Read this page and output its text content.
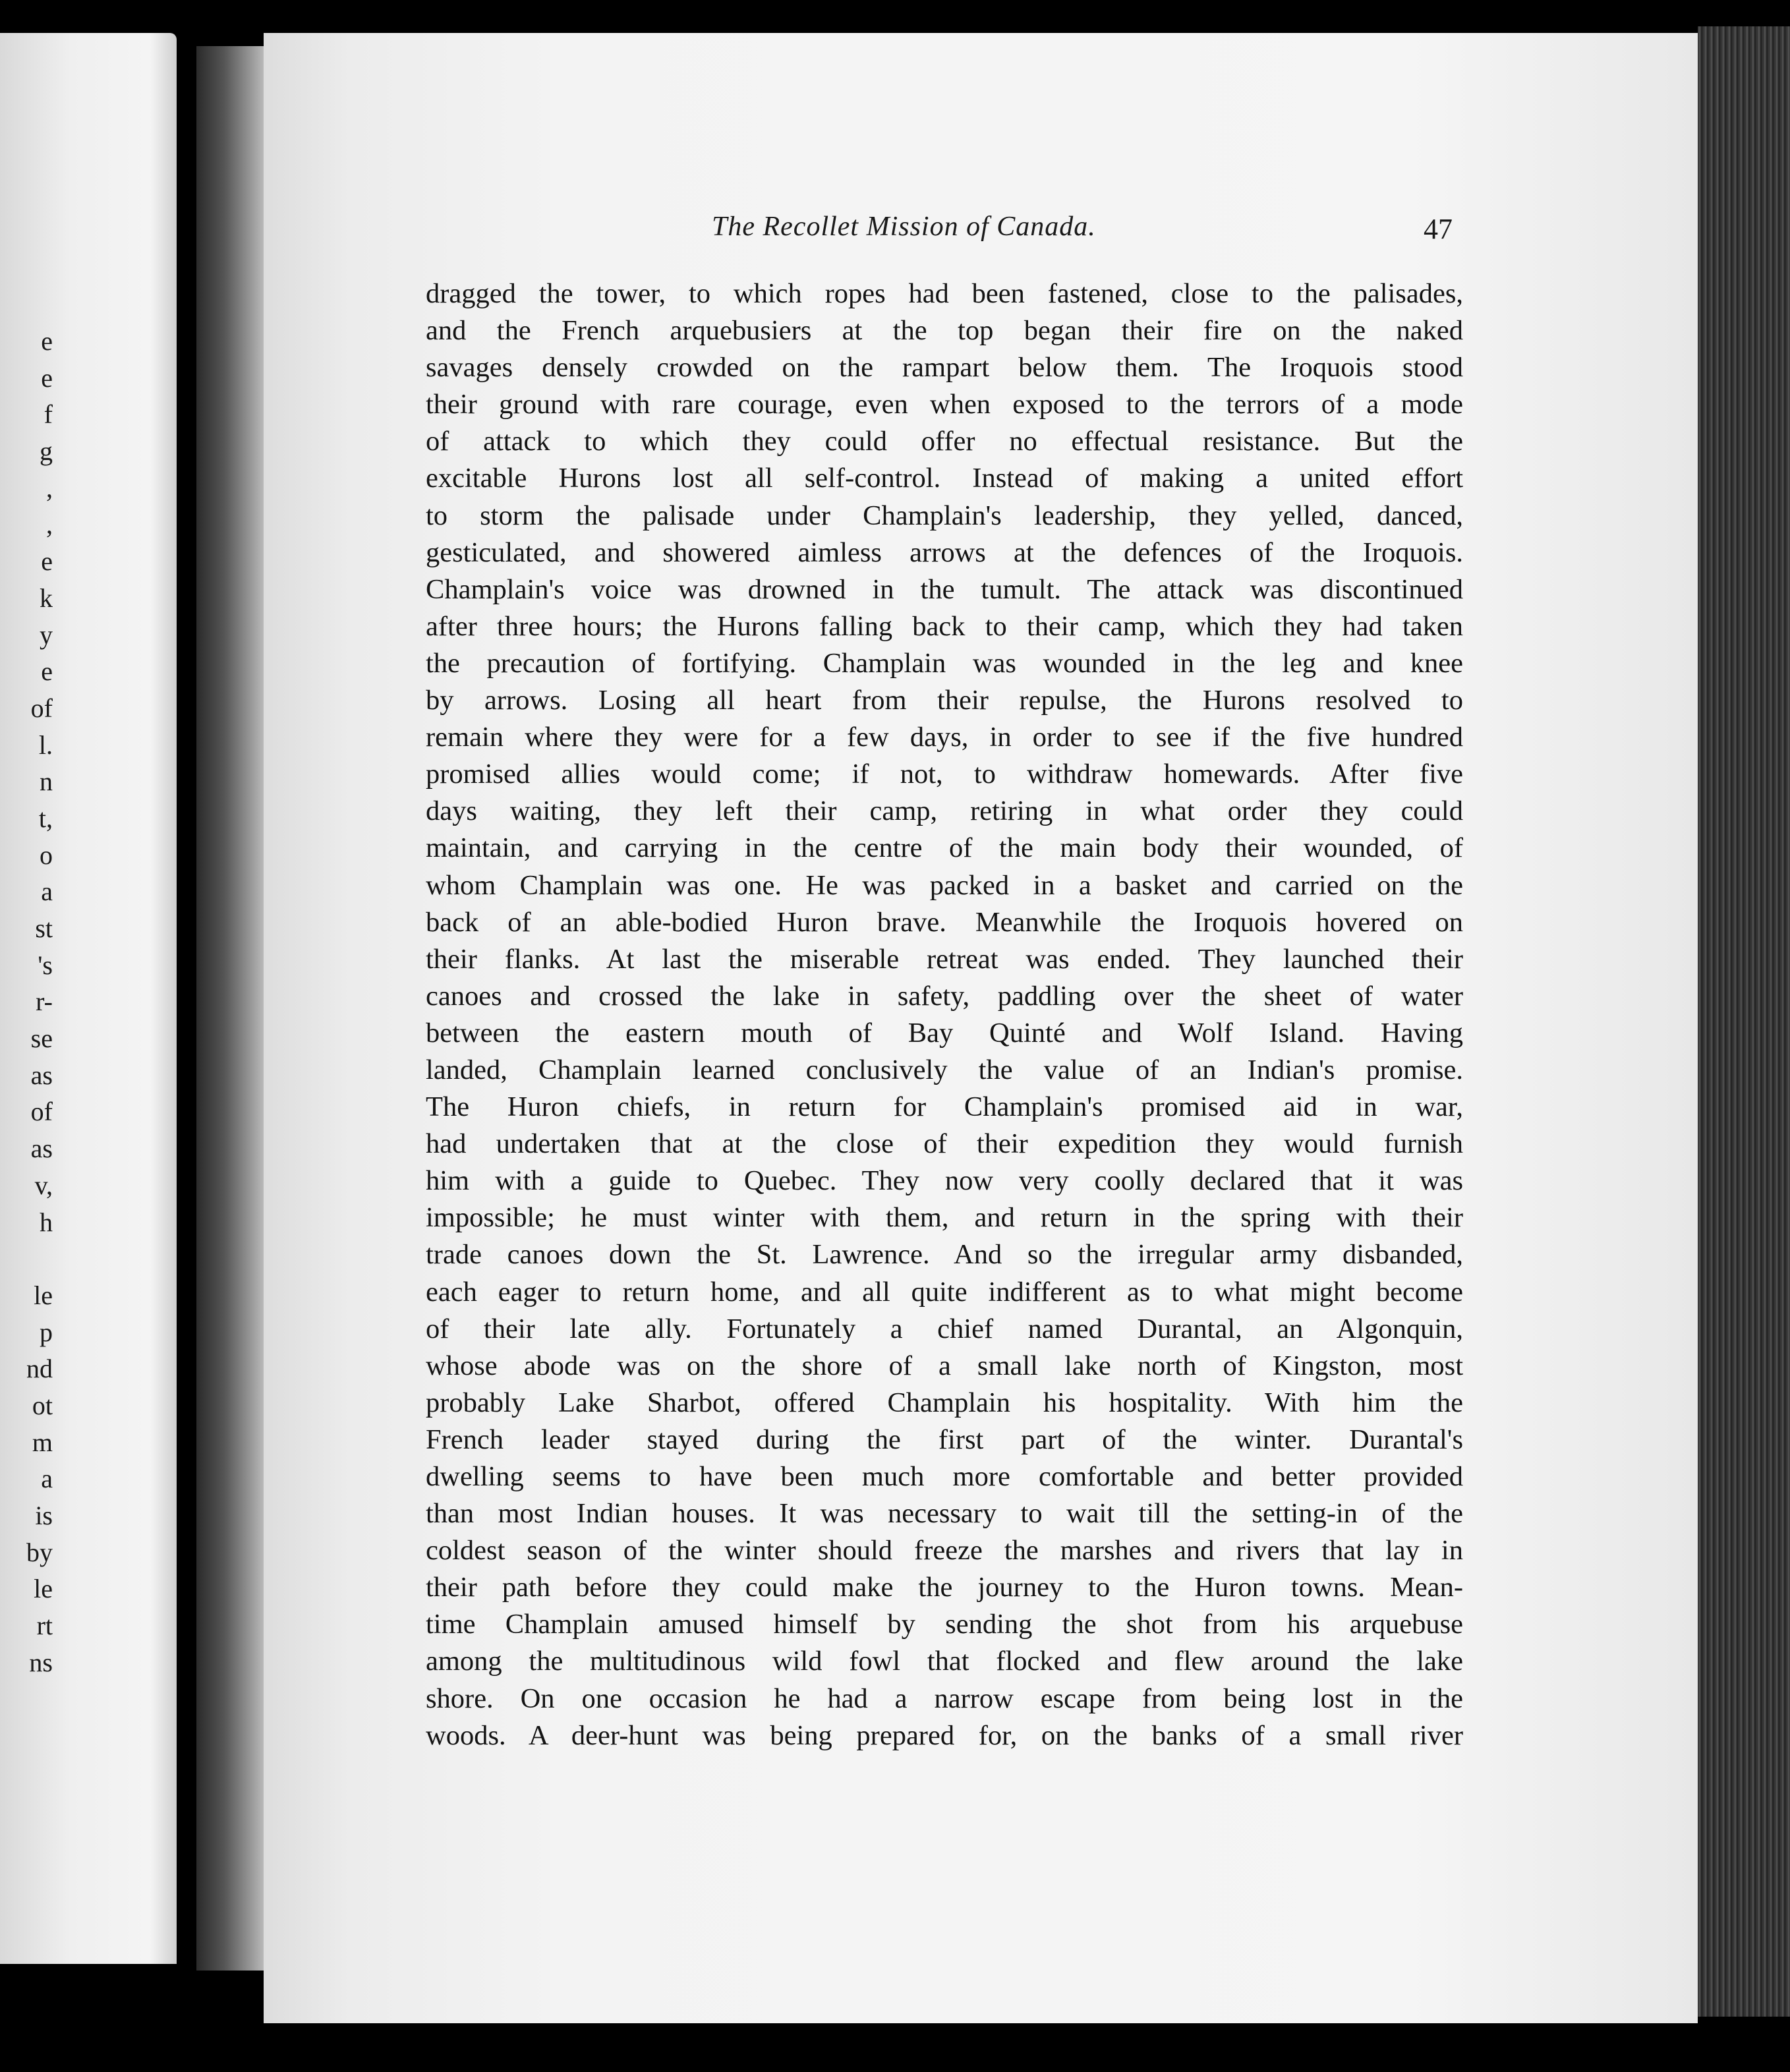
e
e
f
g
,
,
e
k
y
e
of
l.
n
t,
o
a
st
's
r-
se
as
of
as
v,
h
le
p
nd
ot
m
a
is
by
le
rt
ns
The Recollet Mission of Canada.	47
dragged the tower, to which ropes had been fastened, close to the palisades,
and the French arquebusiers at the top began their fire on the naked
savages densely crowded on the rampart below them. The Iroquois stood
their ground with rare courage, even when exposed to the terrors of a mode
of attack to which they could offer no effectual resistance. But the
excitable Hurons lost all self-control. Instead of making a united effort
to storm the palisade under Champlain's leadership, they yelled, danced,
gesticulated, and showered aimless arrows at the defences of the Iroquois.
Champlain's voice was drowned in the tumult. The attack was discontinued
after three hours; the Hurons falling back to their camp, which they had taken
the precaution of fortifying. Champlain was wounded in the leg and knee
by arrows. Losing all heart from their repulse, the Hurons resolved to
remain where they were for a few days, in order to see if the five hundred
promised allies would come; if not, to withdraw homewards. After five
days waiting, they left their camp, retiring in what order they could
maintain, and carrying in the centre of the main body their wounded, of
whom Champlain was one. He was packed in a basket and carried on the
back of an able-bodied Huron brave. Meanwhile the Iroquois hovered on
their flanks. At last the miserable retreat was ended. They launched their
canoes and crossed the lake in safety, paddling over the sheet of water
between the eastern mouth of Bay Quinté and Wolf Island. Having
landed, Champlain learned conclusively the value of an Indian's promise.
The Huron chiefs, in return for Champlain's promised aid in war,
had undertaken that at the close of their expedition they would furnish
him with a guide to Quebec. They now very coolly declared that it was
impossible; he must winter with them, and return in the spring with their
trade canoes down the St. Lawrence. And so the irregular army disbanded,
each eager to return home, and all quite indifferent as to what might become
of their late ally. Fortunately a chief named Durantal, an Algonquin,
whose abode was on the shore of a small lake north of Kingston, most
probably Lake Sharbot, offered Champlain his hospitality. With him the
French leader stayed during the first part of the winter. Durantal's
dwelling seems to have been much more comfortable and better provided
than most Indian houses. It was necessary to wait till the setting-in of the
coldest season of the winter should freeze the marshes and rivers that lay in
their path before they could make the journey to the Huron towns. Mean-
time Champlain amused himself by sending the shot from his arquebuse
among the multitudinous wild fowl that flocked and flew around the lake
shore. On one occasion he had a narrow escape from being lost in the
woods. A deer-hunt was being prepared for, on the banks of a small river
